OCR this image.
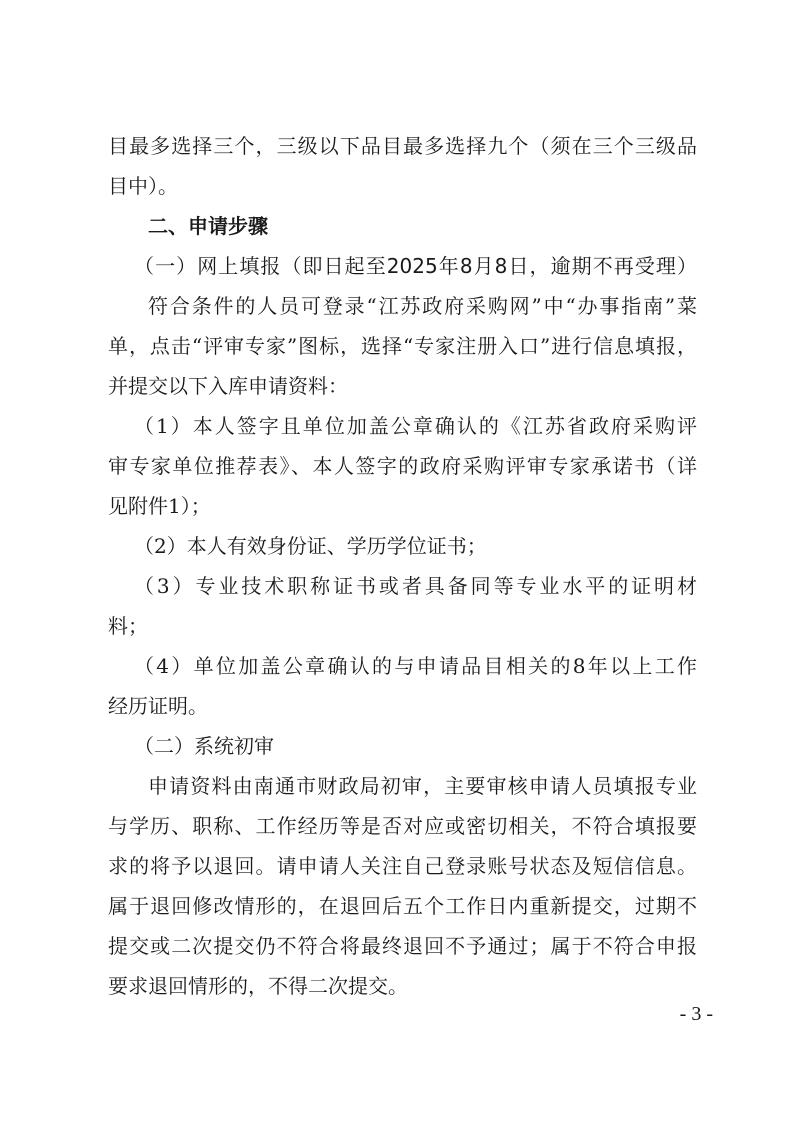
目最多选择三个，三级以下品目最多选择九个（须在三个三级品
目中）。
二、申请步骤
（一）网上填报（即日起至2025年8月8日，逾期不再受理）
符合条件的人员可登录“江苏政府采购网”中“办事指南”菜
单，点击“评审专家”图标，选择“专家注册入口”进行信息填报，
并提交以下入库申请资料：
（1）本人签字且单位加盖公章确认的《江苏省政府采购评
审专家单位推荐表》、本人签字的政府采购评审专家承诺书（详
见附件1）；
（2）本人有效身份证、学历学位证书；
（3）专业技术职称证书或者具备同等专业水平的证明材
料；
（4）单位加盖公章确认的与申请品目相关的8年以上工作
经历证明。
（二）系统初审
申请资料由南通市财政局初审，主要审核申请人员填报专业
与学历、职称、工作经历等是否对应或密切相关，不符合填报要
求的将予以退回。请申请人关注自己登录账号状态及短信信息。
属于退回修改情形的，在退回后五个工作日内重新提交，过期不
提交或二次提交仍不符合将最终退回不予通过；属于不符合申报
要求退回情形的，不得二次提交。
- 3 -
